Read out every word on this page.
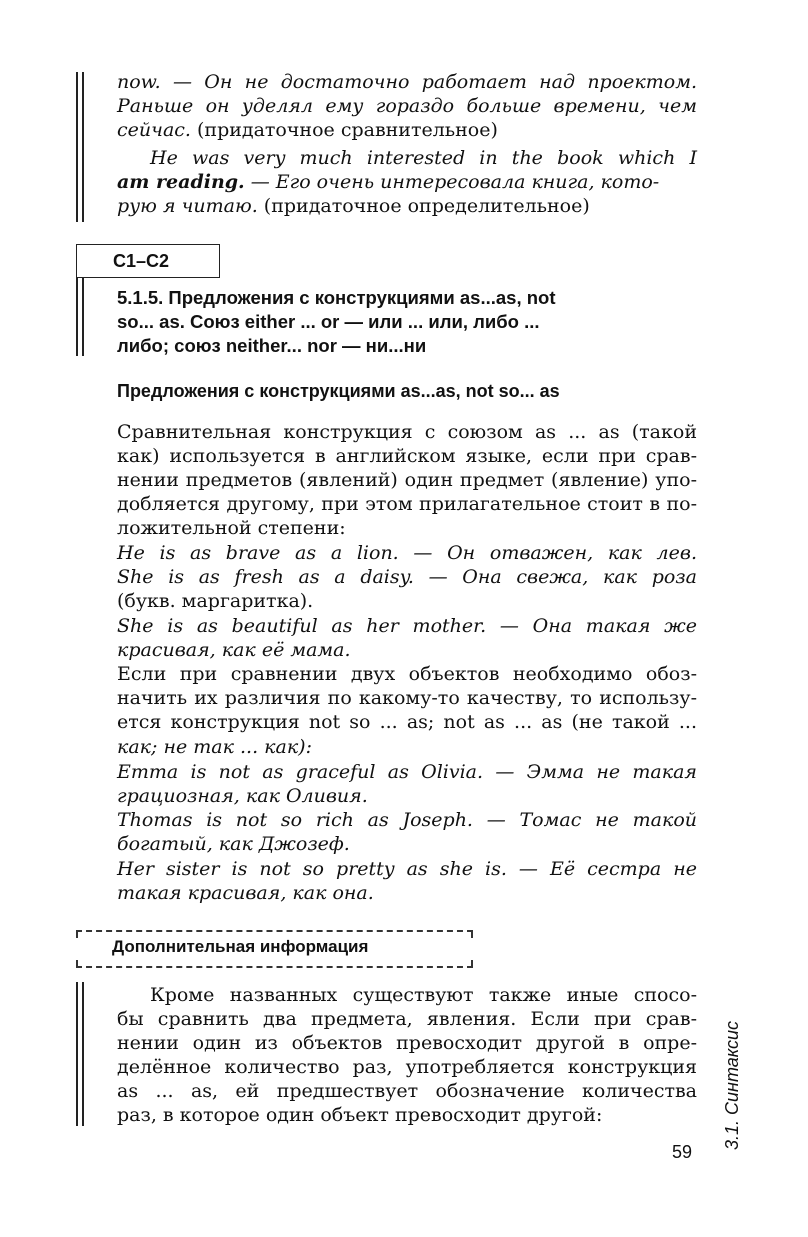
now. — Он не достаточно работает над проектом.
Раньше он уделял ему гораздо больше времени, чем
сейчас. (придаточное сравнительное)
He was very much interested in the book which I
am reading. — Его очень интересовала книга, кото-
рую я читаю. (придаточное определительное)
С1–С2
5.1.5. Предложения с конструкциями as...as, not
so... as. Союз either ... or — или ... или, либо ...
либо; союз neither... nor — ни...ни
Предложения с конструкциями as...as, not so... as
Сравнительная конструкция с союзом as ... as (такой
как) используется в английском языке, если при срав-
нении предметов (явлений) один предмет (явление) упо-
добляется другому, при этом прилагательное стоит в по-
ложительной степени:
He is as brave as a lion. — Он отважен, как лев.
She is as fresh as a daisy. — Она свежа, как роза
(букв. маргаритка).
She is as beautiful as her mother. — Она такая же
красивая, как её мама.
Если при сравнении двух объектов необходимо обоз-
начить их различия по какому-то качеству, то использу-
ется конструкция not so ... as; not as ... as (не такой ...
как; не так ... как):
Emma is not as graceful as Olivia. — Эмма не такая
грациозная, как Оливия.
Thomas is not so rich as Joseph. — Томас не такой
богатый, как Джозеф.
Her sister is not so pretty as she is. — Её сестра не
такая красивая, как она.
Дополнительная информация
Кроме названных существуют также иные спосо-
бы сравнить два предмета, явления. Если при срав-
нении один из объектов превосходит другой в опре-
делённое количество раз, употребляется конструкция
as ... as, ей предшествует обозначение количества
раз, в которое один объект превосходит другой:	3.1. Синтаксис
59
